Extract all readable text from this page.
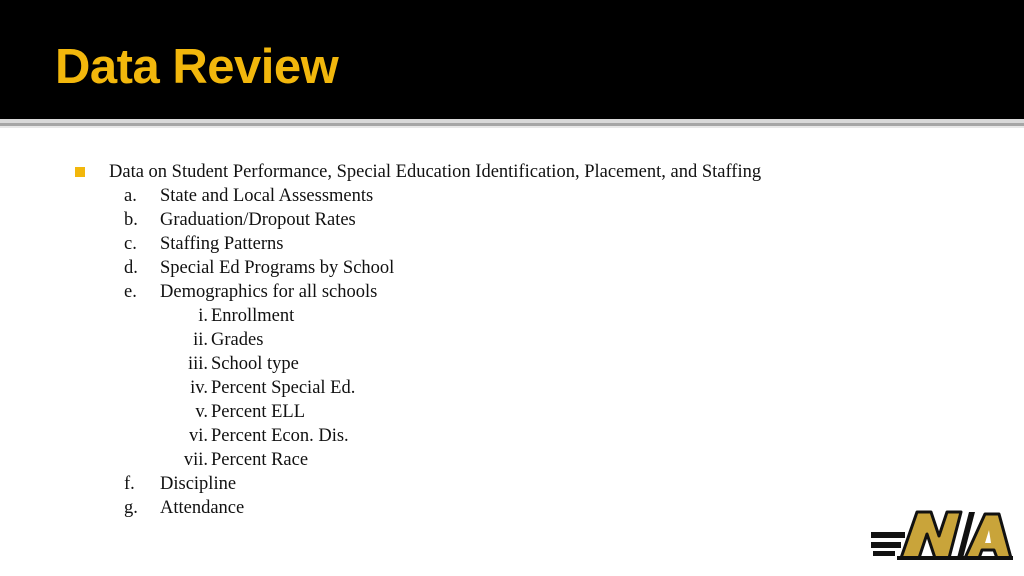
Data Review
Data on Student Performance, Special Education Identification, Placement, and Staffing
a. State and Local Assessments
b. Graduation/Dropout Rates
c. Staffing Patterns
d. Special Ed Programs by School
e. Demographics for all schools
i. Enrollment
ii. Grades
iii. School type
iv. Percent Special Ed.
v. Percent ELL
vi. Percent Econ. Dis.
vii. Percent Race
f. Discipline
g. Attendance
